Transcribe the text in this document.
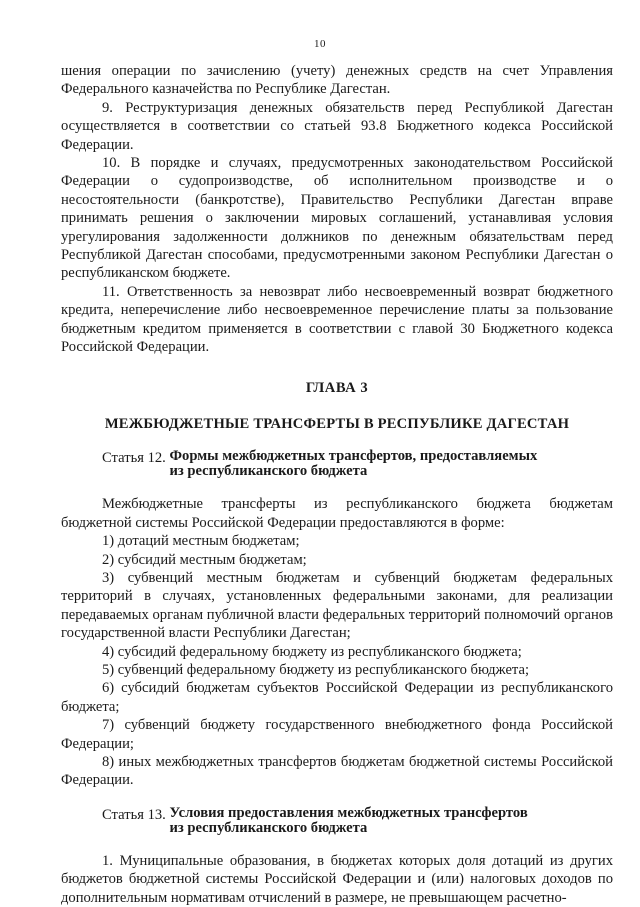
10

шения операции по зачислению (учету) денежных средств на счет Управления Федерального казначейства по Республике Дагестан.

9. Реструктуризация денежных обязательств перед Республикой Дагестан осуществляется в соответствии со статьей 93.8 Бюджетного кодекса Российской Федерации.

10. В порядке и случаях, предусмотренных законодательством Российской Федерации о судопроизводстве, об исполнительном производстве и о несостоятельности (банкротстве), Правительство Республики Дагестан вправе принимать решения о заключении мировых соглашений, устанавливая условия урегулирования задолженности должников по денежным обязательствам перед Республикой Дагестан способами, предусмотренными законом Республики Дагестан о республиканском бюджете.

11. Ответственность за невозврат либо несвоевременный возврат бюджетного кредита, неперечисление либо несвоевременное перечисление платы за пользование бюджетным кредитом применяется в соответствии с главой 30 Бюджетного кодекса Российской Федерации.

ГЛАВА 3
МЕЖБЮДЖЕТНЫЕ ТРАНСФЕРТЫ В РЕСПУБЛИКЕ ДАГЕСТАН
Статья 12. Формы межбюджетных трансфертов, предоставляемых
из республиканского бюджета

Межбюджетные трансферты из республиканского бюджета бюджетам бюджетной системы Российской Федерации предоставляются в форме:

1) дотаций местным бюджетам;

2) субсидий местным бюджетам;

3) субвенций местным бюджетам и субвенций бюджетам федеральных территорий в случаях, установленных федеральными законами, для реализации передаваемых органам публичной власти федеральных территорий полномочий органов государственной власти Республики Дагестан;

4) субсидий федеральному бюджету из республиканского бюджета;

5) субвенций федеральному бюджету из республиканского бюджета;

6) субсидий бюджетам субъектов Российской Федерации из республиканского бюджета;

7) субвенций бюджету государственного внебюджетного фонда Российской Федерации;

8) иных межбюджетных трансфертов бюджетам бюджетной системы Российской Федерации.

Статья 13. Условия предоставления межбюджетных трансфертов
из республиканского бюджета

1. Муниципальные образования, в бюджетах которых доля дотаций из других бюджетов бюджетной системы Российской Федерации и (или) налоговых доходов по дополнительным нормативам отчислений в размере, не превышающем расчетно-
